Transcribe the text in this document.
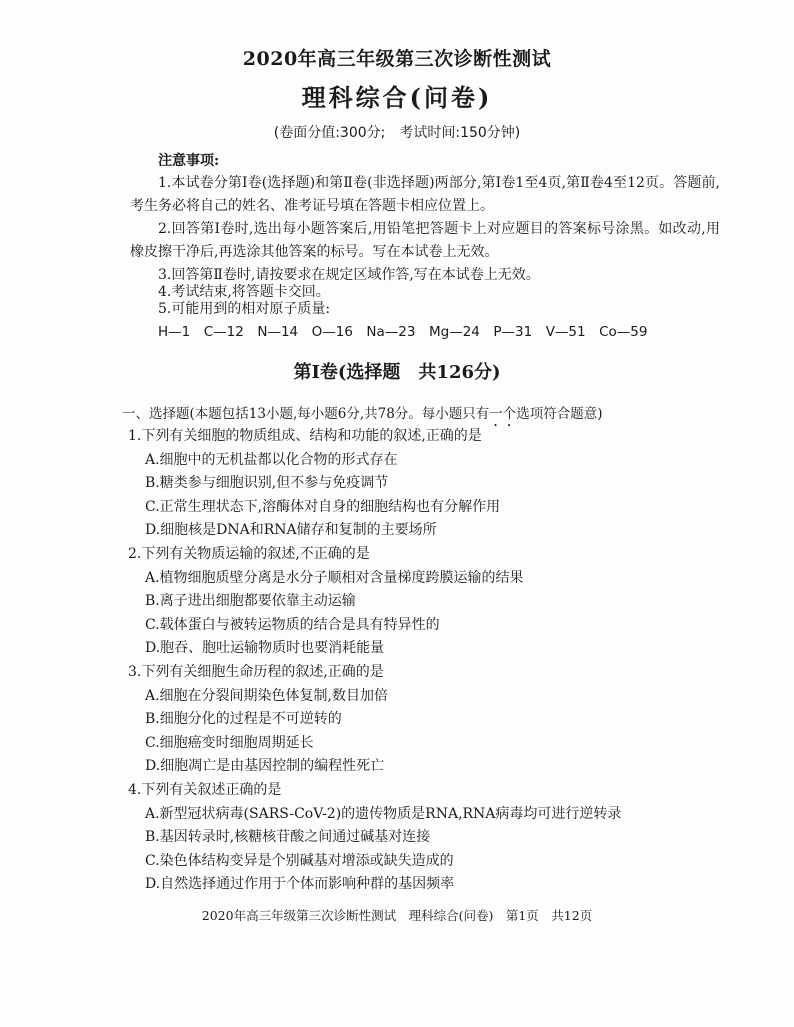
2020年高三年级第三次诊断性测试
理科综合(问卷)
(卷面分值:300分;　考试时间:150分钟)
注意事项:
1.本试卷分第Ⅰ卷(选择题)和第Ⅱ卷(非选择题)两部分,第Ⅰ卷1至4页,第Ⅱ卷4至12页。答题前,考生务必将自己的姓名、准考证号填在答题卡相应位置上。
2.回答第Ⅰ卷时,选出每小题答案后,用铅笔把答题卡上对应题目的答案标号涂黑。如改动,用橡皮擦干净后,再选涂其他答案的标号。写在本试卷上无效。
3.回答第Ⅱ卷时,请按要求在规定区域作答,写在本试卷上无效。
4.考试结束,将答题卡交回。
5.可能用到的相对原子质量:
H—1　C—12　N—14　O—16　Na—23　Mg—24　P—31　V—51　Co—59
第Ⅰ卷(选择题　共126分)
一、选择题(本题包括13小题,每小题6分,共78分。每小题只有一个选项符合题意)
1.下列有关细胞的物质组成、结构和功能的叙述,正确的是
A.细胞中的无机盐都以化合物的形式存在
B.糖类参与细胞识别,但不参与免疫调节
C.正常生理状态下,溶酶体对自身的细胞结构也有分解作用
D.细胞核是DNA和RNA储存和复制的主要场所
2.下列有关物质运输的叙述,不正确的是
A.植物细胞质壁分离是水分子顺相对含量梯度跨膜运输的结果
B.离子进出细胞都要依靠主动运输
C.载体蛋白与被转运物质的结合是具有特异性的
D.胞吞、胞吐运输物质时也要消耗能量
3.下列有关细胞生命历程的叙述,正确的是
A.细胞在分裂间期染色体复制,数目加倍
B.细胞分化的过程是不可逆转的
C.细胞癌变时细胞周期延长
D.细胞凋亡是由基因控制的编程性死亡
4.下列有关叙述正确的是
A.新型冠状病毒(SARS-CoV-2)的遗传物质是RNA,RNA病毒均可进行逆转录
B.基因转录时,核糖核苷酸之间通过碱基对连接
C.染色体结构变异是个别碱基对增添或缺失造成的
D.自然选择通过作用于个体而影响种群的基因频率
2020年高三年级第三次诊断性测试　理科综合(问卷)　第1页　共12页
